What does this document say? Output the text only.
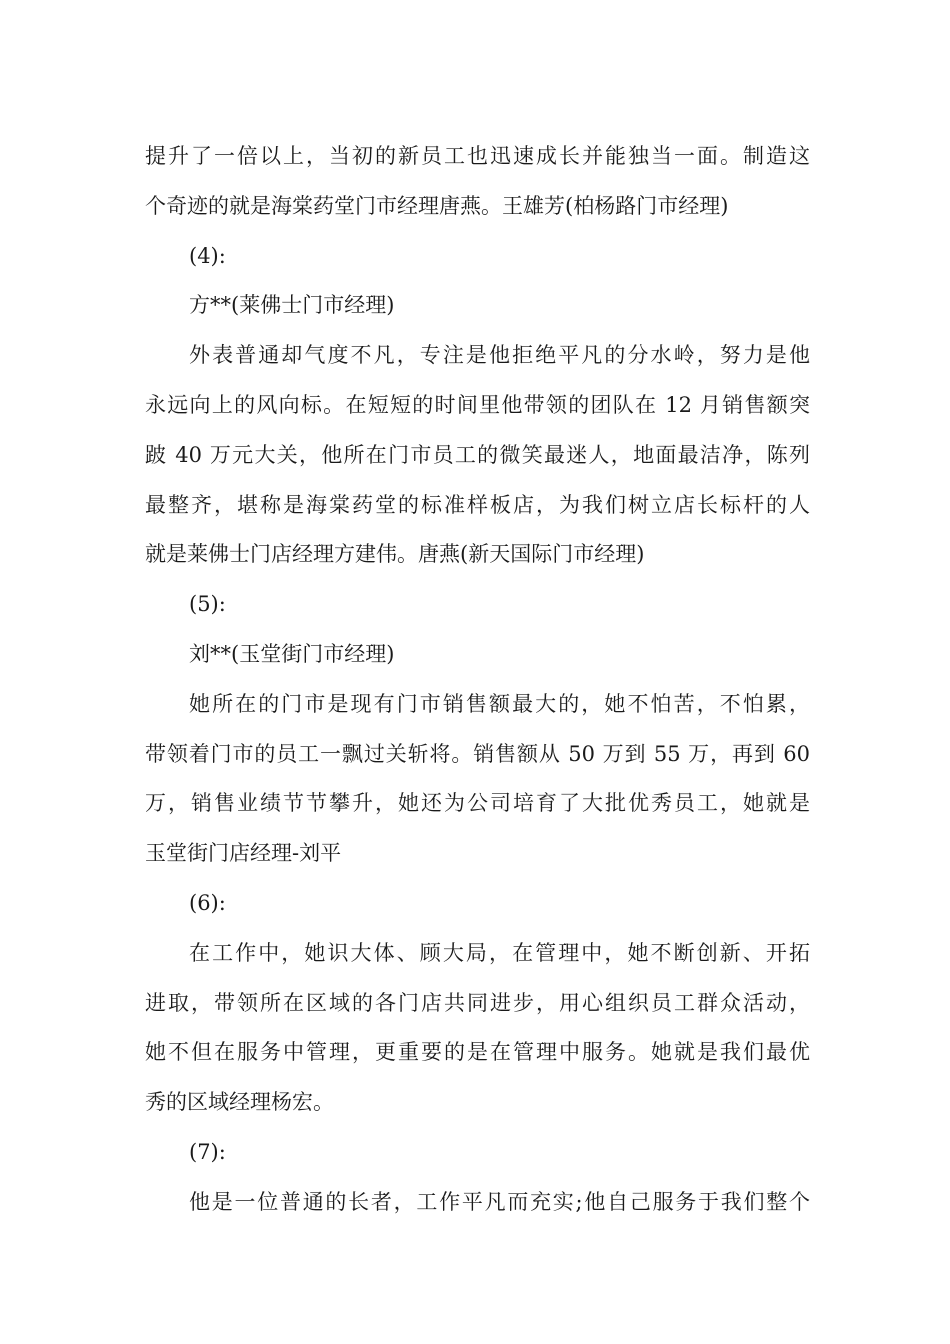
提升了一倍以上，当初的新员工也迅速成长并能独当一面。制造这
个奇迹的就是海棠药堂门市经理唐燕。王雄芳(柏杨路门市经理)
(4):
方**(莱佛士门市经理)
外表普通却气度不凡，专注是他拒绝平凡的分水岭，努力是他
永远向上的风向标。在短短的时间里他带领的团队在 12 月销售额突
跛 40 万元大关，他所在门市员工的微笑最迷人，地面最洁净，陈列
最整齐，堪称是海棠药堂的标准样板店，为我们树立店长标杆的人
就是莱佛士门店经理方建伟。唐燕(新天国际门市经理)
(5):
刘**(玉堂街门市经理)
她所在的门市是现有门市销售额最大的，她不怕苦，不怕累，
带领着门市的员工一飘过关斩将。销售额从 50 万到 55 万，再到 60
万，销售业绩节节攀升，她还为公司培育了大批优秀员工，她就是
玉堂街门店经理-刘平
(6):
在工作中，她识大体、顾大局，在管理中，她不断创新、开拓
进取，带领所在区域的各门店共同进步，用心组织员工群众活动，
她不但在服务中管理，更重要的是在管理中服务。她就是我们最优
秀的区域经理杨宏。
(7):
他是一位普通的长者，工作平凡而充实;他自己服务于我们整个
